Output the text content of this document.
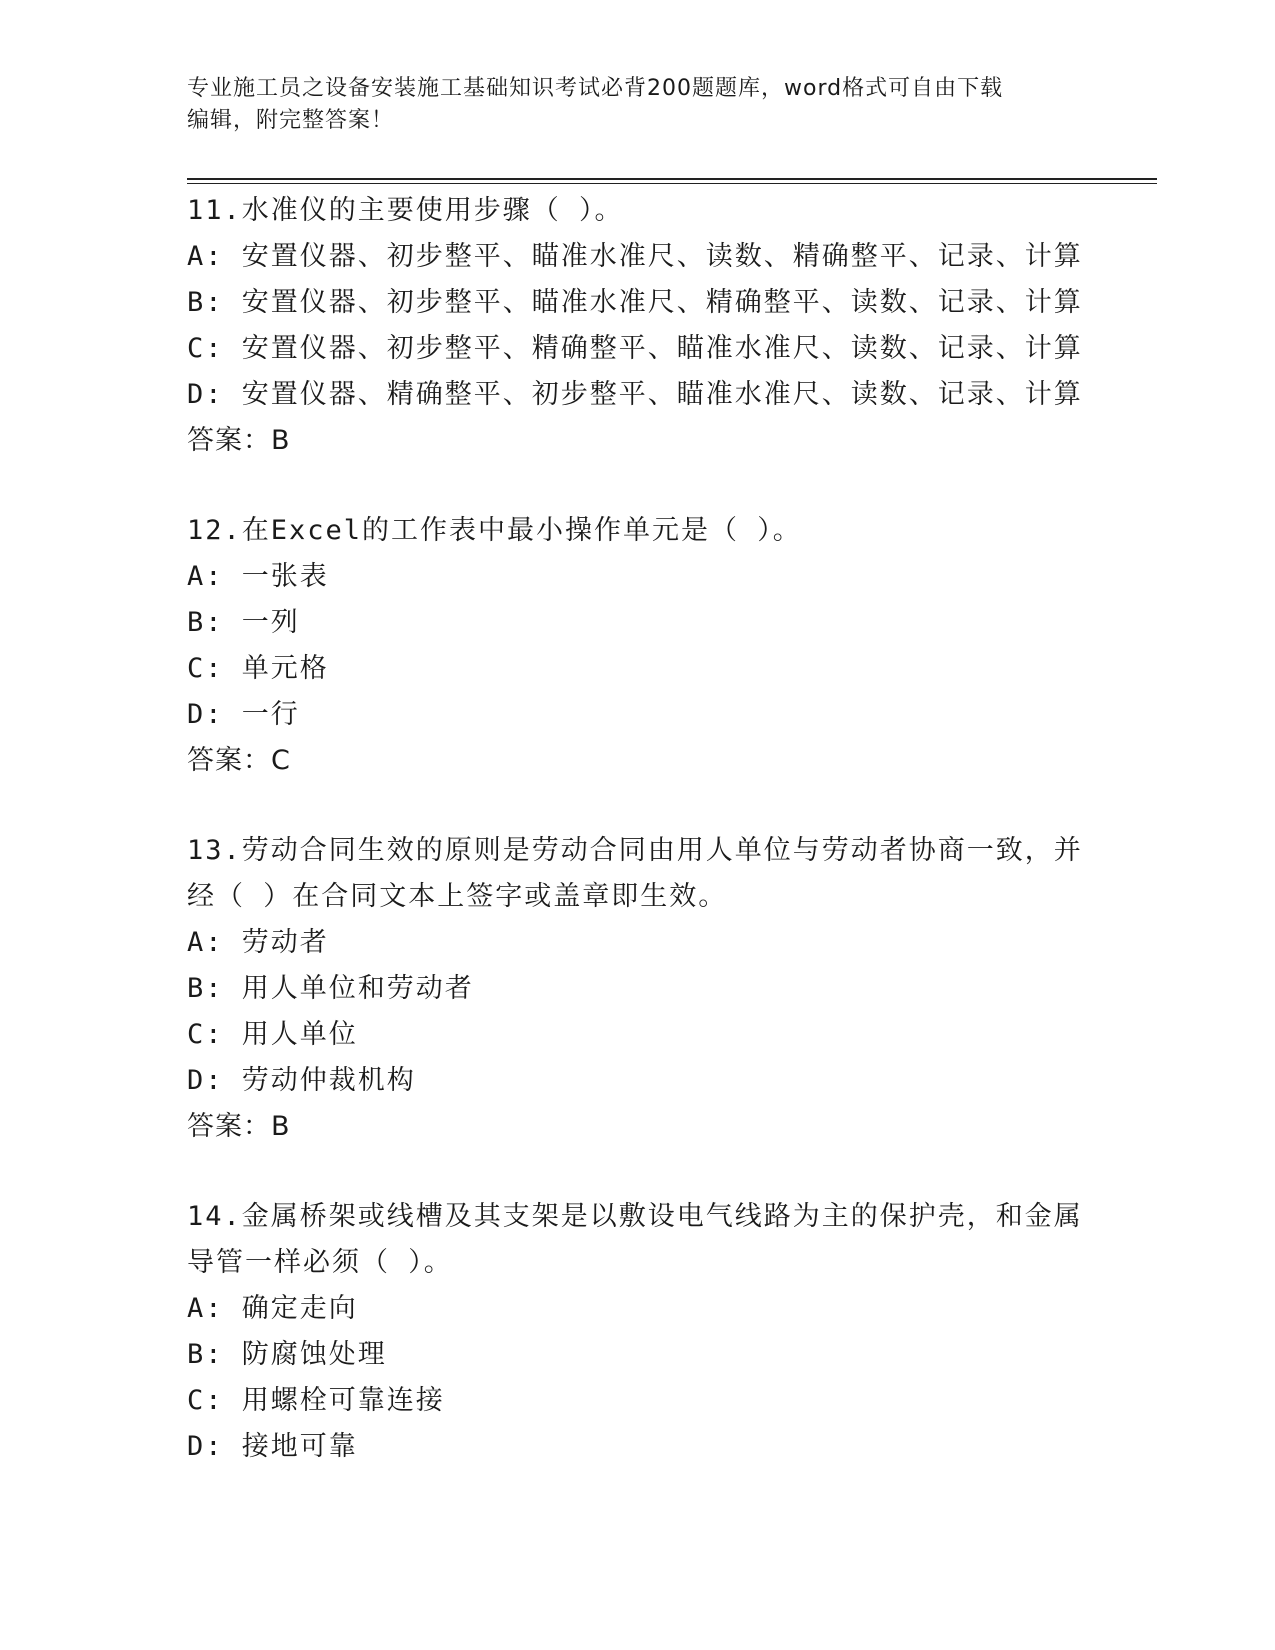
专业施工员之设备安装施工基础知识考试必背200题题库，word格式可自由下载
编辑，附完整答案！
11.水准仪的主要使用步骤（ ）。
A: 安置仪器、初步整平、瞄准水准尺、读数、精确整平、记录、计算
B: 安置仪器、初步整平、瞄准水准尺、精确整平、读数、记录、计算
C: 安置仪器、初步整平、精确整平、瞄准水准尺、读数、记录、计算
D: 安置仪器、精确整平、初步整平、瞄准水准尺、读数、记录、计算
答案：B
12.在Excel的工作表中最小操作单元是（ ）。
A: 一张表
B: 一列
C: 单元格
D: 一行
答案：C
13.劳动合同生效的原则是劳动合同由用人单位与劳动者协商一致，并
经（ ）在合同文本上签字或盖章即生效。
A: 劳动者
B: 用人单位和劳动者
C: 用人单位
D: 劳动仲裁机构
答案：B
14.金属桥架或线槽及其支架是以敷设电气线路为主的保护壳，和金属
导管一样必须（ ）。
A: 确定走向
B: 防腐蚀处理
C: 用螺栓可靠连接
D: 接地可靠
